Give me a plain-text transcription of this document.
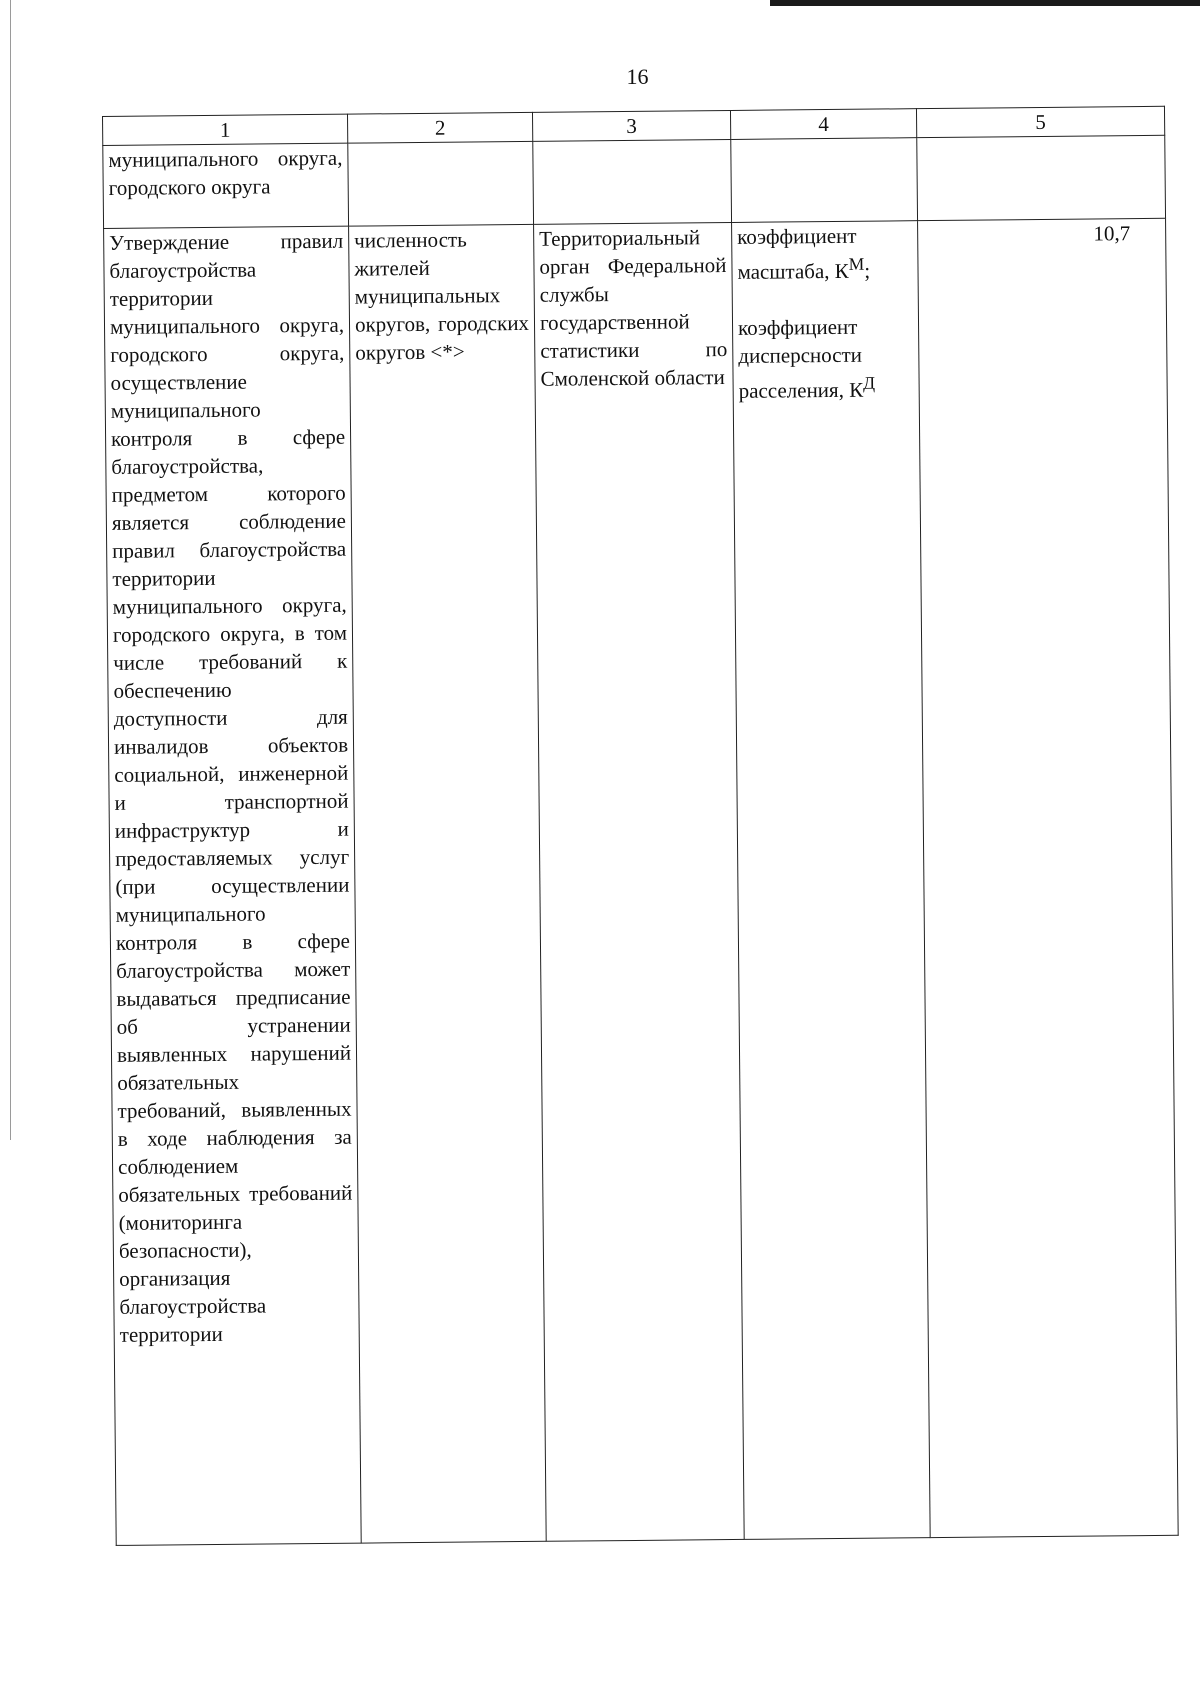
16
1	2	3	4	5
муниципального округа, городского округа				
Утверждение правил благоустройства территории муниципального округа, городского округа, осуществление муниципального контроля в сфере благоустройства, предметом которого является соблюдение правил благоустройства территории муниципального округа, городского округа, в том числе требований к обеспечению доступности для инвалидов объектов социальной, инженерной и транспортной инфраструктур и предоставляемых услуг (при осуществлении муниципального контроля в сфере благоустройства может выдаваться предписание об устранении выявленных нарушений обязательных требований, выявленных в ходе наблюдения за соблюдением обязательных требований (мониторинга безопасности), организация благоустройства территории	численность жителей муниципальных округов, городских округов <*>	Территориальный орган Федеральной службы государственной статистики по Смоленской области	коэффициент масштаба, $К^М$;
коэффициент дисперсности расселения, $К^Д$	10,7
